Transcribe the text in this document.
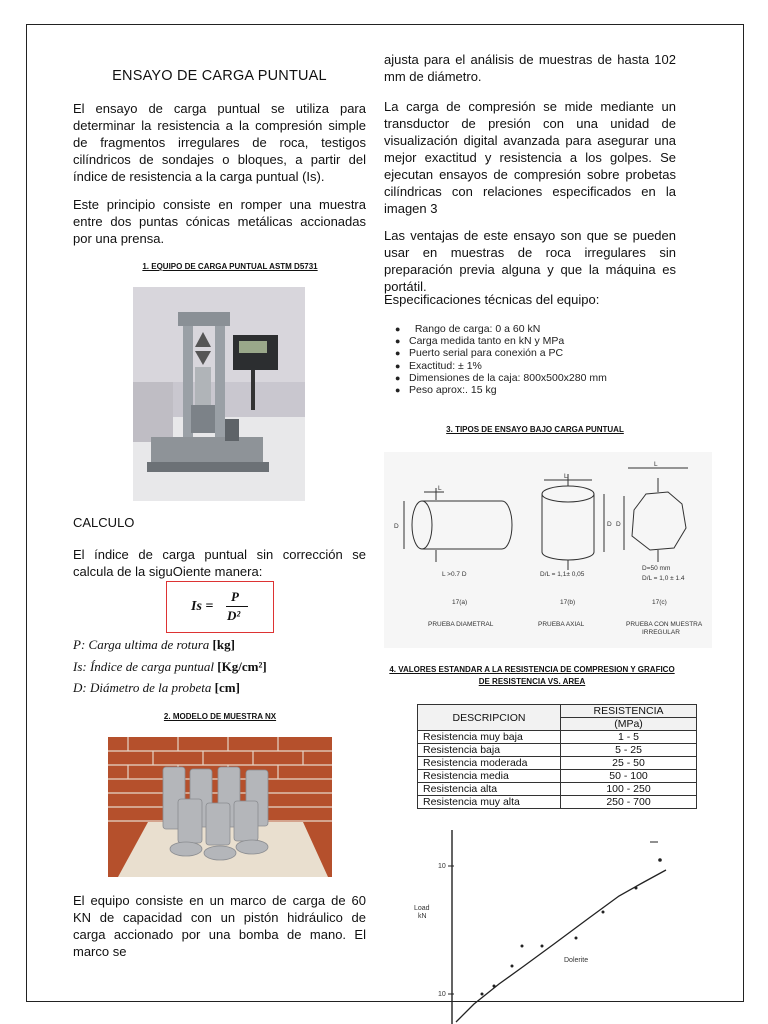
ENSAYO DE CARGA PUNTUAL
El ensayo de carga puntual se utiliza para determinar la resistencia a la compresión simple de fragmentos irregulares de roca, testigos cilíndricos de sondajes o bloques, a partir del índice de resistencia a la carga puntual (Is).
Este principio consiste en romper una muestra entre dos puntas cónicas metálicas accionadas por una prensa.
1. EQUIPO DE CARGA PUNTUAL ASTM D5731
CALCULO
El índice de carga puntual sin corrección se calcula de la siguOiente manera:
Is =
P
D²
P: Carga ultima de rotura [kg]
Is: Índice de carga puntual [Kg/cm²]
D: Diámetro de la probeta [cm]
2. MODELO DE MUESTRA NX
El equipo consiste en un marco de carga de 60 KN de capacidad con un pistón hidráulico de carga accionado por una bomba de mano. El marco se
ajusta para el análisis de muestras de hasta 102 mm de diámetro.
La carga de compresión se mide mediante un transductor de presión con una unidad de visualización digital avanzada para asegurar una mejor exactitud y resistencia a los golpes. Se ejecutan ensayos de compresión sobre probetas cilíndricas con relaciones especificados en la imagen 3
Las ventajas de este ensayo son que se pueden usar en muestras de roca irregulares sin preparación previa alguna y que la máquina es portátil.
Especificaciones técnicas del equipo:
● Rango de carga: 0 a 60 kN
● Carga medida tanto en kN y MPa
● Puerto serial para conexión a PC
● Exactitud: ± 1%
● Dimensiones de la caja: 800x500x280 mm
● Peso aprox:. 15 kg
3. TIPOS DE ENSAYO BAJO CARGA PUNTUAL
L
D
L >0.7 D
17(a)
PRUEBA DIAMETRAL
L
D
D/L = 1,1± 0,05
17(b)
PRUEBA AXIAL
L
D
D=50 mm
D/L = 1,0 ± 1.4
17(c)
PRUEBA CON MUESTRA
IRREGULAR
4. VALORES ESTANDAR A LA RESISTENCIA DE COMPRESION Y GRAFICO
DE RESISTENCIA VS. AREA
DESCRIPCION	RESISTENCIA
	(MPa)
Resistencia muy baja	1 - 5
Resistencia baja	5 - 25
Resistencia moderada	25 - 50
Resistencia media	50 - 100
Resistencia alta	100 - 250
Resistencia muy alta	250 - 700
10
10
Load
kN
Dolerite
